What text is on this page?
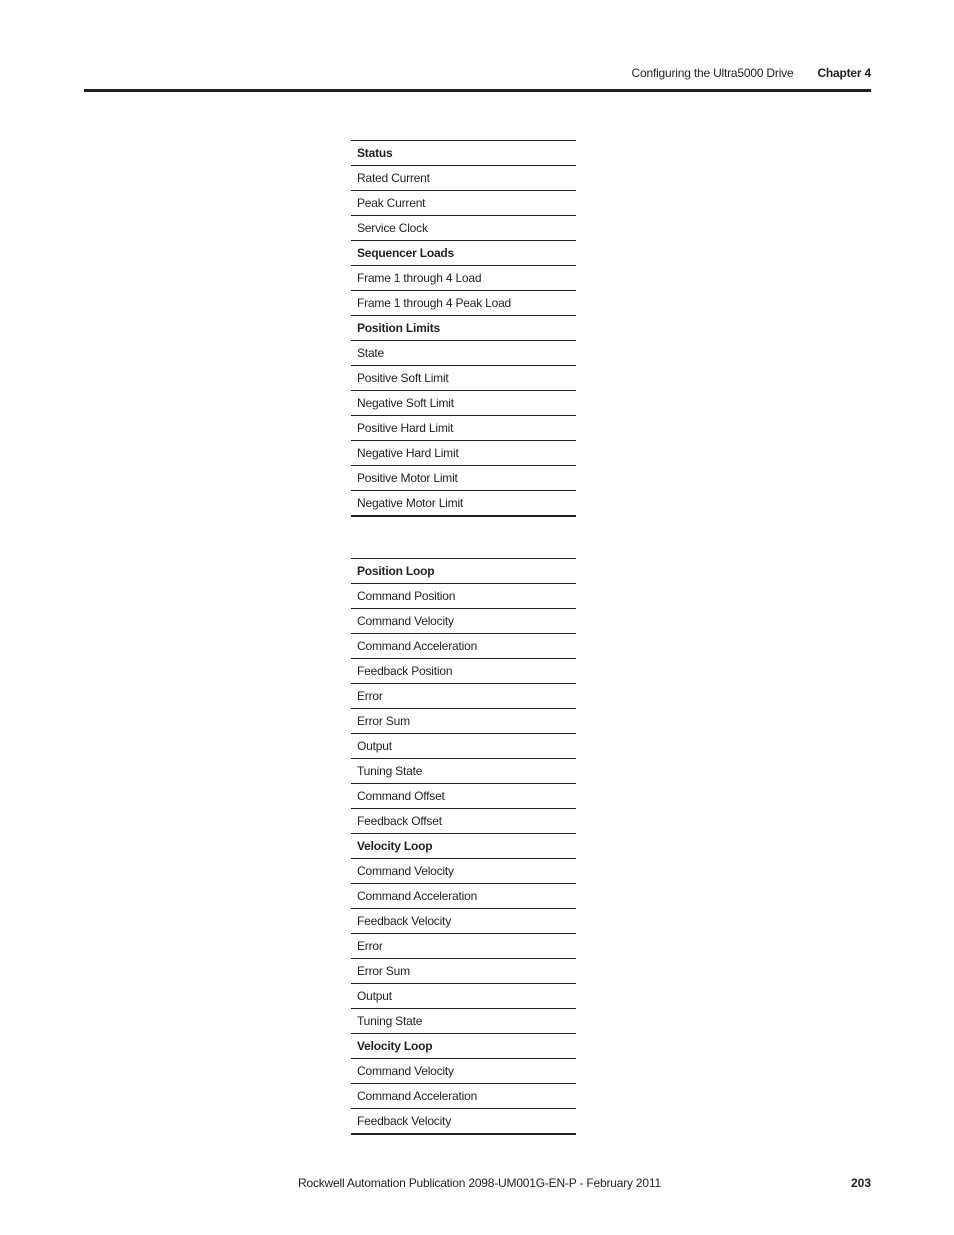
Configuring the Ultra5000 Drive Chapter 4
Status
Rated Current
Peak Current
Service Clock
Sequencer Loads
Frame 1 through 4 Load
Frame 1 through 4 Peak Load
Position Limits
State
Positive Soft Limit
Negative Soft Limit
Positive Hard Limit
Negative Hard Limit
Positive Motor Limit
Negative Motor Limit
Position Loop
Command Position
Command Velocity
Command Acceleration
Feedback Position
Error
Error Sum
Output
Tuning State
Command Offset
Feedback Offset
Velocity Loop
Command Velocity
Command Acceleration
Feedback Velocity
Error
Error Sum
Output
Tuning State
Velocity Loop
Command Velocity
Command Acceleration
Feedback Velocity
Rockwell Automation Publication 2098-UM001G-EN-P - February 2011	203
